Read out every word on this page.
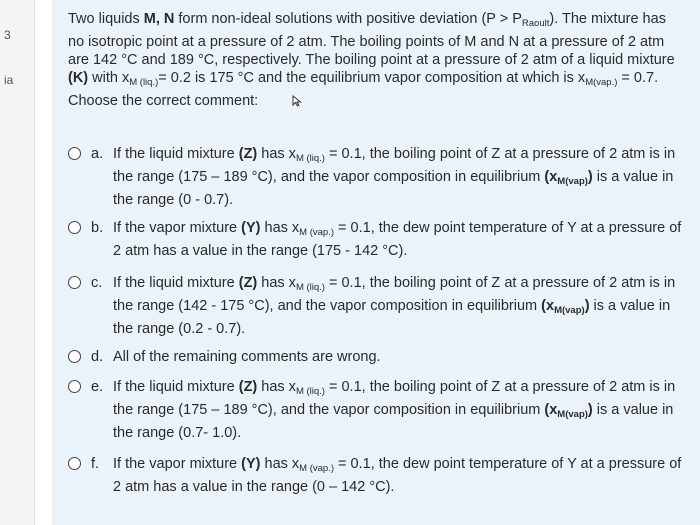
3
ia
Two liquids M, N form non-ideal solutions with positive deviation $(P > P_{Raoult})$. The mixture has no isotropic point at a pressure of 2 atm. The boiling points of M and N at a pressure of 2 atm are 142 °C and 189 °C, respectively. The boiling point at a pressure of 2 atm of a liquid mixture (K) with $x_{M (liq.)}= 0.2$ is 175 °C and the equilibrium vapor composition at which is $x_{M(vap.)} = 0.7$. Choose the correct comment:
a. If the liquid mixture (Z) has $x_{M (liq.)} = 0.1$, the boiling point of Z at a pressure of 2 atm is in the range (175 – 189 °C), and the vapor composition in equilibrium $(x_{M(vap)})$ is a value in the range (0 - 0.7).
b. If the vapor mixture (Y) has $x_{M (vap.)} = 0.1$, the dew point temperature of Y at a pressure of 2 atm has a value in the range (175 - 142 °C).
c. If the liquid mixture (Z) has $x_{M (liq.)} = 0.1$, the boiling point of Z at a pressure of 2 atm is in the range (142 - 175 °C), and the vapor composition in equilibrium $(x_{M(vap)})$ is a value in the range (0.2 - 0.7).
d. All of the remaining comments are wrong.
e. If the liquid mixture (Z) has $x_{M (liq.)} = 0.1$, the boiling point of Z at a pressure of 2 atm is in the range (175 – 189 °C), and the vapor composition in equilibrium $(x_{M(vap)})$ is a value in the range (0.7- 1.0).
f. If the vapor mixture (Y) has $x_{M (vap.)} = 0.1$, the dew point temperature of Y at a pressure of 2 atm has a value in the range (0 – 142 °C).
